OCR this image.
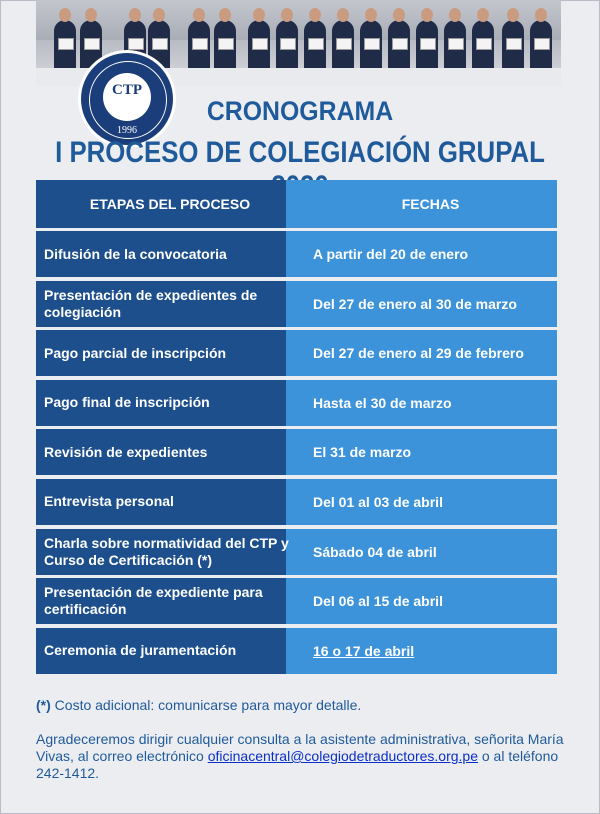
CTP
1996
CRONOGRAMA
I PROCESO DE COLEGIACIÓN GRUPAL
ETAPAS DEL PROCESO	FECHAS
Difusión de la convocatoria	A partir del 20 de enero
Presentación de expedientes de colegiación	Del 27 de enero al 30 de marzo
Pago parcial de inscripción	Del 27 de enero al 29 de febrero
Pago final de inscripción	Hasta el 30 de marzo
Revisión de expedientes	El 31 de marzo
Entrevista personal	Del 01 al 03 de abril
Charla sobre normatividad del CTP y Curso de Certificación (*)	Sábado 04 de abril
Presentación de expediente para certificación	Del 06 al 15 de abril
Ceremonia de juramentación	16 o 17 de abril
(*) Costo adicional: comunicarse para mayor detalle.
Agradeceremos dirigir cualquier consulta a la asistente administrativa, señorita María Vivas, al correo electrónico oficinacentral@colegiodetraductores.org.pe o al teléfono 242-1412.
